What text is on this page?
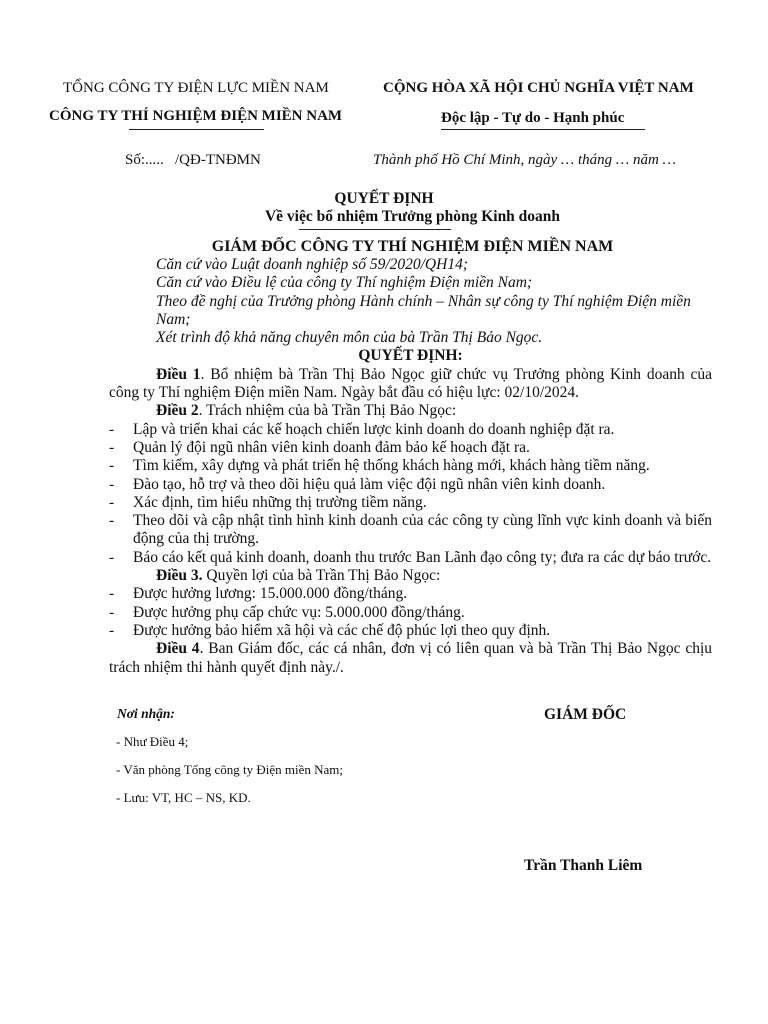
TỔNG CÔNG TY ĐIỆN LỰC MIỀN NAM
CÔNG TY THÍ NGHIỆM ĐIỆN MIỀN NAM
CỘNG HÒA XÃ HỘI CHỦ NGHĨA VIỆT NAM
Độc lập - Tự do - Hạnh phúc
Số:.....   /QĐ-TNĐMN	Thành phố Hồ Chí Minh, ngày … tháng … năm …
QUYẾT ĐỊNH
Về việc bổ nhiệm Trưởng phòng Kinh doanh
GIÁM ĐỐC CÔNG TY THÍ NGHIỆM ĐIỆN MIỀN NAM

Căn cứ vào Luật doanh nghiệp số 59/2020/QH14;

Căn cứ vào Điều lệ của công ty Thí nghiệm Điện miền Nam;

Theo đề nghị của Trưởng phòng Hành chính – Nhân sự công ty Thí nghiệm Điện miền Nam;

Xét trình độ khả năng chuyên môn của bà Trần Thị Bảo Ngọc.

QUYẾT ĐỊNH:

Điều 1. Bổ nhiệm bà Trần Thị Bảo Ngọc giữ chức vụ Trưởng phòng Kinh doanh của công ty Thí nghiệm Điện miền Nam. Ngày bắt đầu có hiệu lực: 02/10/2024.

Điều 2. Trách nhiệm của bà Trần Thị Bảo Ngọc:

-	Lập và triển khai các kế hoạch chiến lược kinh doanh do doanh nghiệp đặt ra.
-	Quản lý đội ngũ nhân viên kinh doanh đảm bảo kế hoạch đặt ra.
-	Tìm kiếm, xây dựng và phát triển hệ thống khách hàng mới, khách hàng tiềm năng.
-	Đào tạo, hỗ trợ và theo dõi hiệu quả làm việc đội ngũ nhân viên kinh doanh.
-	Xác định, tìm hiểu những thị trường tiềm năng.
-	Theo dõi và cập nhật tình hình kinh doanh của các công ty cùng lĩnh vực kinh doanh và biến động của thị trường.
-	Báo cáo kết quả kinh doanh, doanh thu trước Ban Lãnh đạo công ty; đưa ra các dự báo trước.

Điều 3. Quyền lợi của bà Trần Thị Bảo Ngọc:

-	Được hưởng lương: 15.000.000 đồng/tháng.
-	Được hưởng phụ cấp chức vụ: 5.000.000 đồng/tháng.
-	Được hưởng bảo hiểm xã hội và các chế độ phúc lợi theo quy định.

Điều 4. Ban Giám đốc, các cá nhân, đơn vị có liên quan và bà Trần Thị Bảo Ngọc chịu trách nhiệm thi hành quyết định này./.

Nơi nhận:
- Như Điều 4;
- Văn phòng Tổng công ty Điện miền Nam;
- Lưu: VT, HC – NS, KD.
GIÁM ĐỐC
Trần Thanh Liêm
